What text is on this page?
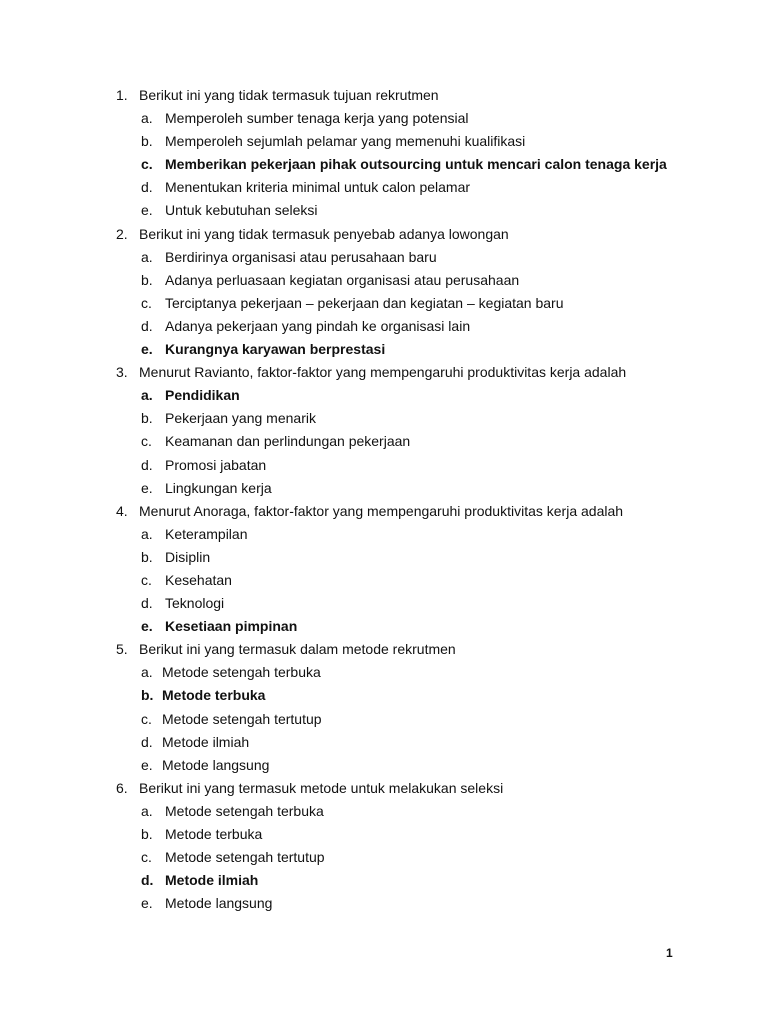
1. Berikut ini yang tidak termasuk tujuan rekrutmen
a. Memperoleh sumber tenaga kerja yang potensial
b. Memperoleh sejumlah pelamar yang memenuhi kualifikasi
c. Memberikan pekerjaan pihak outsourcing untuk mencari calon tenaga kerja
d. Menentukan kriteria minimal untuk calon pelamar
e. Untuk kebutuhan seleksi
2. Berikut ini yang tidak termasuk penyebab adanya lowongan
a. Berdirinya organisasi atau perusahaan baru
b. Adanya perluasaan kegiatan organisasi atau perusahaan
c. Terciptanya pekerjaan – pekerjaan dan kegiatan – kegiatan baru
d. Adanya pekerjaan yang pindah ke organisasi lain
e. Kurangnya karyawan berprestasi
3. Menurut Ravianto, faktor-faktor yang mempengaruhi produktivitas kerja adalah
a. Pendidikan
b. Pekerjaan yang menarik
c. Keamanan dan perlindungan pekerjaan
d. Promosi jabatan
e. Lingkungan kerja
4. Menurut Anoraga, faktor-faktor yang mempengaruhi produktivitas kerja adalah
a. Keterampilan
b. Disiplin
c. Kesehatan
d. Teknologi
e. Kesetiaan pimpinan
5. Berikut ini yang termasuk dalam metode rekrutmen
a. Metode setengah terbuka
b. Metode terbuka
c. Metode setengah tertutup
d. Metode ilmiah
e. Metode langsung
6. Berikut ini yang termasuk metode untuk melakukan seleksi
a. Metode setengah terbuka
b. Metode terbuka
c. Metode setengah tertutup
d. Metode ilmiah
e. Metode langsung
1
